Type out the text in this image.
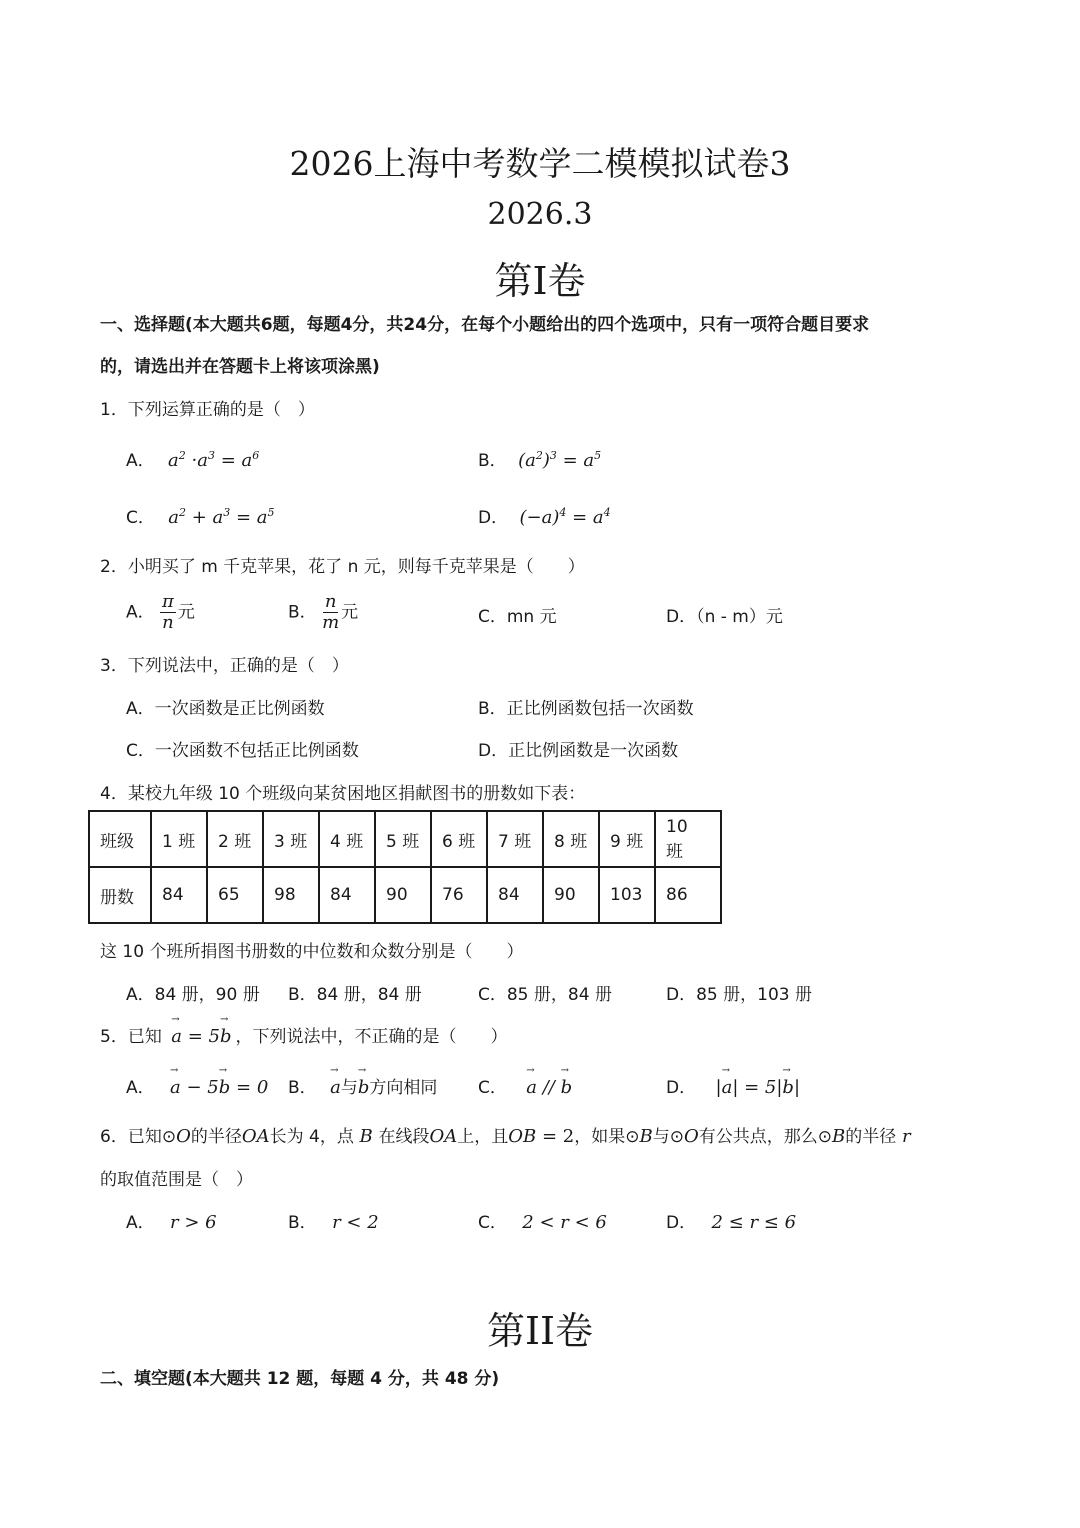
2026上海中考数学二模模拟试卷3
2026.3
第I卷
一、选择题(本大题共6题，每题4分，共24分，在每个小题给出的四个选项中，只有一项符合题目要求
的，请选出并在答题卡上将该项涂黑)
1．下列运算正确的是（　）
A． $a^2 \cdot a^3 = a^6$	B． $(a^2)^3 = a^5$
C． $a^2 + a^3 = a^5$	D． $(-a)^4 = a^4$
2．小明买了 m 千克苹果，花了 n 元，则每千克苹果是（　　）
A． $\frac{\pi}{n}$ 元	B． $\frac{n}{m}$ 元	C．mn 元	D．（n - m）元
3．下列说法中，正确的是（　）
A．一次函数是正比例函数	B．正比例函数包括一次函数
C．一次函数不包括正比例函数	D．正比例函数是一次函数
4．某校九年级 10 个班级向某贫困地区捐献图书的册数如下表：
班级	1 班	2 班	3 班	4 班	5 班	6 班	7 班	8 班	9 班	10 班
册数	84	65	98	84	90	76	84	90	103	86
这 10 个班所捐图书册数的中位数和众数分别是（　　）
A．84 册，90 册 B．84 册，84 册	C．85 册，84 册	D．85 册，103 册
5．已知 → a = 5→ b ，下列说法中，不正确的是（　　）
A． → a − 5→ b = 0 B． → a与→ b方向相同 C． → a // → b	D． |→ a| = 5|→ b|
6．已知⊙O的半径OA长为 4，点 B 在线段OA上，且OB = 2，如果⊙B与⊙O有公共点，那么⊙B的半径 r
的取值范围是（　）
A． r > 6	B． r < 2	C． 2 < r < 6	D． 2 ≤ r ≤ 6
第II卷
二、填空题(本大题共 12 题，每题 4 分，共 48 分)
